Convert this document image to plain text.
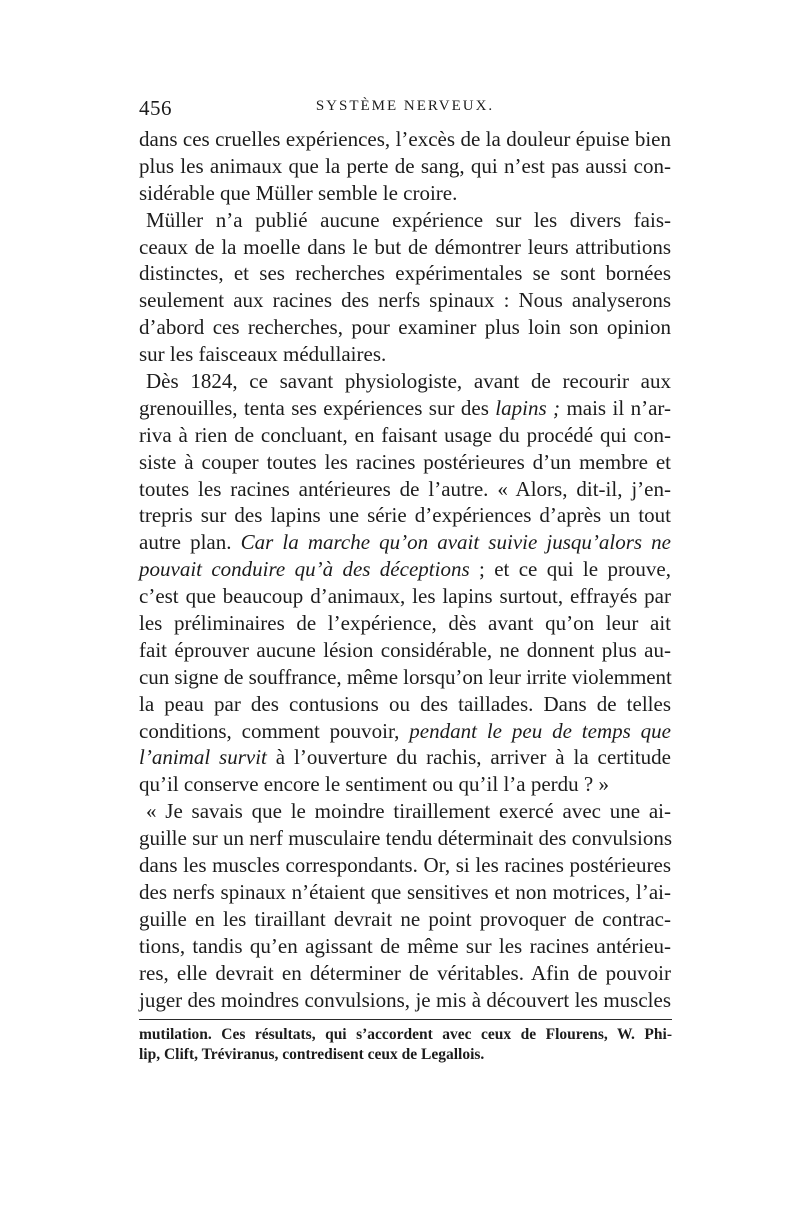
456	SYSTÈME NERVEUX.
dans ces cruelles expériences, l’excès de la douleur épuise bien
plus les animaux que la perte de sang, qui n’est pas aussi con-
sidérable que Müller semble le croire.
Müller n’a publié aucune expérience sur les divers fais-
ceaux de la moelle dans le but de démontrer leurs attributions
distinctes, et ses recherches expérimentales se sont bornées
seulement aux racines des nerfs spinaux : Nous analyserons
d’abord ces recherches, pour examiner plus loin son opinion
sur les faisceaux médullaires.
Dès 1824, ce savant physiologiste, avant de recourir aux
grenouilles, tenta ses expériences sur des lapins ; mais il n’ar-
riva à rien de concluant, en faisant usage du procédé qui con-
siste à couper toutes les racines postérieures d’un membre et
toutes les racines antérieures de l’autre. « Alors, dit-il, j’en-
trepris sur des lapins une série d’expériences d’après un tout
autre plan. Car la marche qu’on avait suivie jusqu’alors ne
pouvait conduire qu’à des déceptions ; et ce qui le prouve,
c’est que beaucoup d’animaux, les lapins surtout, effrayés par
les préliminaires de l’expérience, dès avant qu’on leur ait
fait éprouver aucune lésion considérable, ne donnent plus au-
cun signe de souffrance, même lorsqu’on leur irrite violemment
la peau par des contusions ou des taillades. Dans de telles
conditions, comment pouvoir, pendant le peu de temps que
l’animal survit à l’ouverture du rachis, arriver à la certitude
qu’il conserve encore le sentiment ou qu’il l’a perdu ? »
« Je savais que le moindre tiraillement exercé avec une ai-
guille sur un nerf musculaire tendu déterminait des convulsions
dans les muscles correspondants. Or, si les racines postérieures
des nerfs spinaux n’étaient que sensitives et non motrices, l’ai-
guille en les tiraillant devrait ne point provoquer de contrac-
tions, tandis qu’en agissant de même sur les racines antérieu-
res, elle devrait en déterminer de véritables. Afin de pouvoir
juger des moindres convulsions, je mis à découvert les muscles
mutilation. Ces résultats, qui s’accordent avec ceux de Flourens, W. Phi-
lip, Clift, Tréviranus, contredisent ceux de Legallois.
